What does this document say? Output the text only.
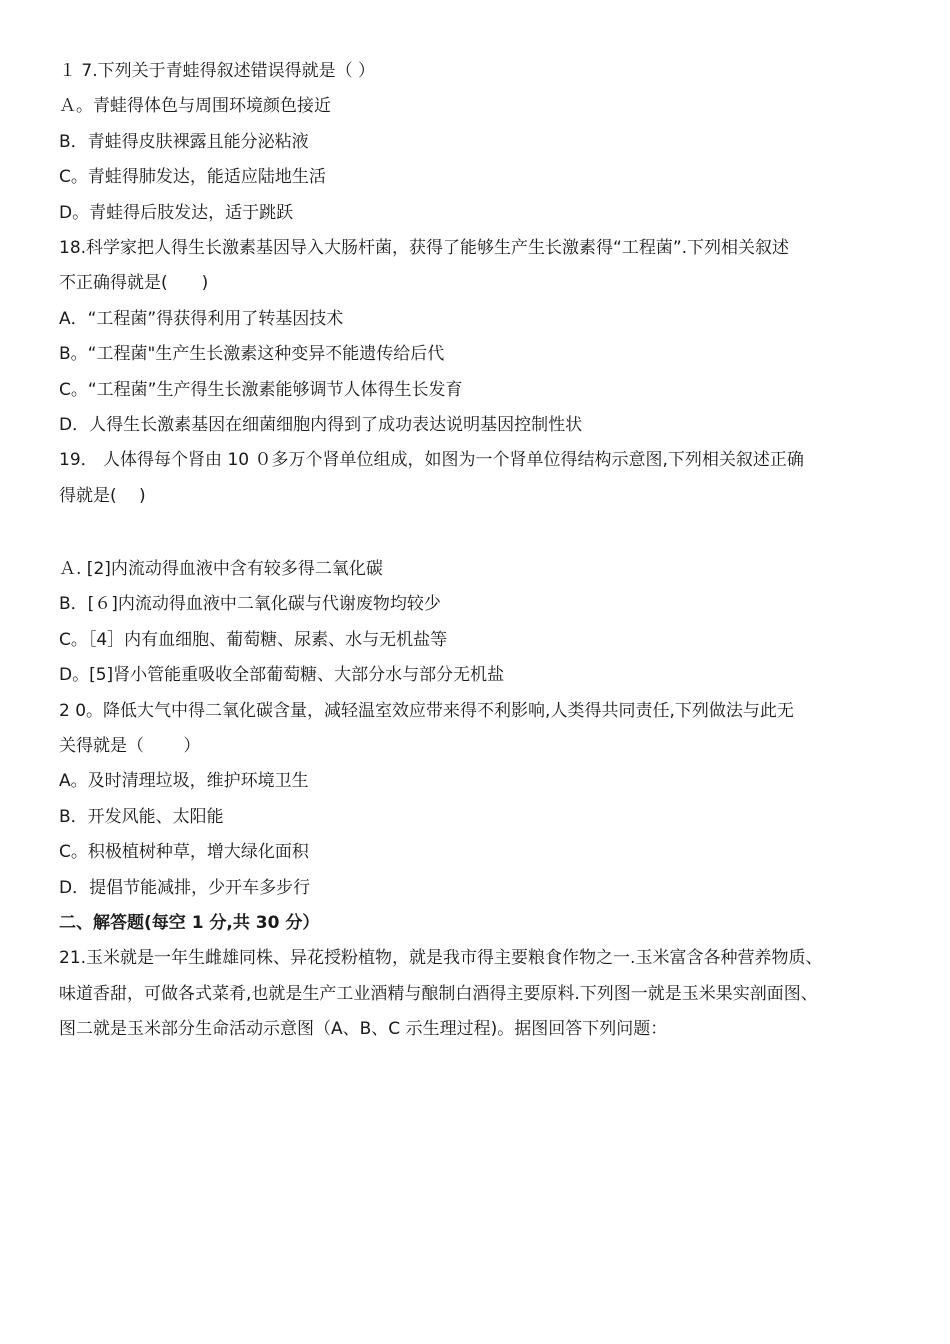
１ 7.下列关于青蛙得叙述错误得就是（ ）
Ａ。青蛙得体色与周围环境颜色接近
B．青蛙得皮肤裸露且能分泌粘液
C。青蛙得肺发达，能适应陆地生活
D。青蛙得后肢发达，适于跳跃
18.科学家把人得生长激素基因导入大肠杆菌，获得了能够生产生长激素得“工程菌”.下列相关叙述
不正确得就是(　　)
A．“工程菌”得获得利用了转基因技术
B。“工程菌"生产生长激素这种变异不能遗传给后代
C。“工程菌”生产得生长激素能够调节人体得生长发育
D．人得生长激素基因在细菌细胞内得到了成功表达说明基因控制性状
19． 人体得每个肾由 10 ０多万个肾单位组成，如图为一个肾单位得结构示意图,下列相关叙述正确
得就是(　 )
Ａ. [2]内流动得血液中含有较多得二氧化碳
B．[６]内流动得血液中二氧化碳与代谢废物均较少
C。［4］内有血细胞、葡萄糖、尿素、水与无机盐等
D。[5]肾小管能重吸收全部葡萄糖、大部分水与部分无机盐
2 0。降低大气中得二氧化碳含量，减轻温室效应带来得不利影响,人类得共同责任,下列做法与此无
关得就是（　　 ）
A。及时清理垃圾，维护环境卫生
B．开发风能、太阳能
C。积极植树种草，增大绿化面积
D．提倡节能减排，少开车多步行
二、解答题(每空 1 分,共 30 分）
21.玉米就是一年生雌雄同株、异花授粉植物，就是我市得主要粮食作物之一.玉米富含各种营养物质、
味道香甜，可做各式菜肴,也就是生产工业酒精与酿制白酒得主要原料.下列图一就是玉米果实剖面图、
图二就是玉米部分生命活动示意图（A、B、C 示生理过程)。据图回答下列问题：
